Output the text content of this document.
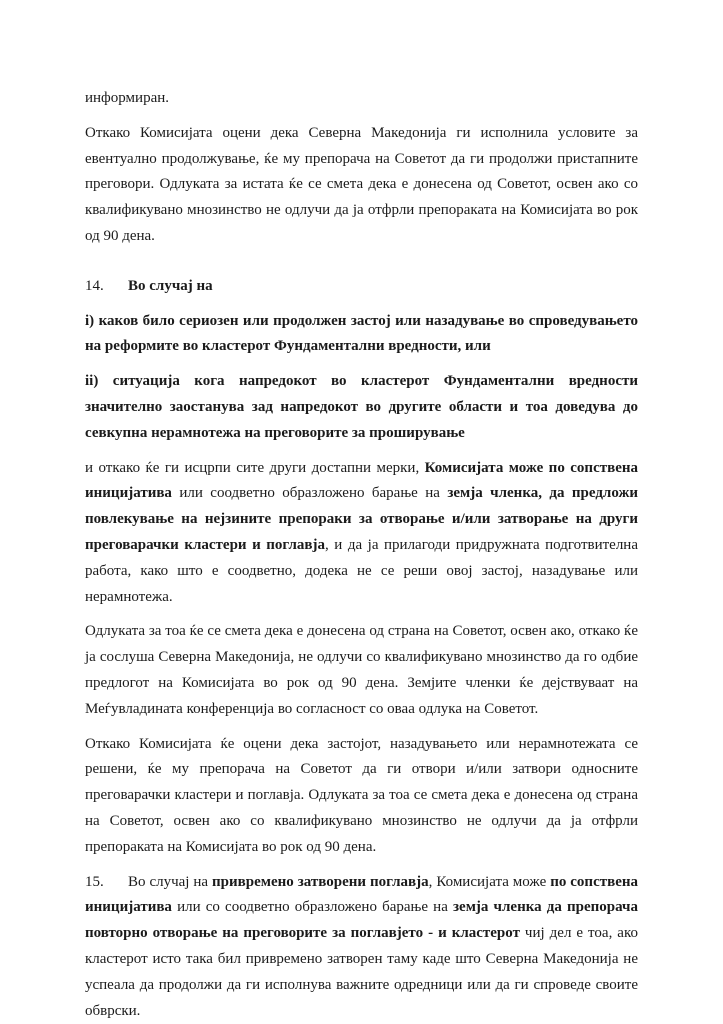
информиран.

Откако Комисијата оцени дека Северна Македонија ги исполнила условите за евентуално продолжување, ќе му препорача на Советот да ги продолжи пристапните преговори. Одлуката за истата ќе се смета дека е донесена од Советот, освен ако со квалификувано мнозинство не одлучи да ја отфрли препораката на Комисијата во рок од 90 дена.

14. Во случај на

i) каков било сериозен или продолжен застој или назадување во спроведувањето на реформите во кластерот Фундаментални вредности, или

ii) ситуација кога напредокот во кластерот Фундаментални вредности значително заостанува зад напредокот во другите области и тоа доведува до севкупна нерамнотежа на преговорите за проширување

и откако ќе ги исцрпи сите други достапни мерки, Комисијата може по сопствена иницијатива или соодветно образложено барање на земја членка, да предложи повлекување на нејзините препораки за отворање и/или затворање на други преговарачки кластери и поглавја, и да ја прилагоди придружната подготвителна работа, како што е соодветно, додека не се реши овој застој, назадување или нерамнотежа.

Одлуката за тоа ќе се смета дека е донесена од страна на Советот, освен ако, откако ќе ја сослуша Северна Македонија, не одлучи со квалификувано мнозинство да го одбие предлогот на Комисијата во рок од 90 дена. Земјите членки ќе дејствуваат на Меѓувладината конференција во согласност со оваа одлука на Советот.

Откако Комисијата ќе оцени дека застојот, назадувањето или нерамнотежата се решени, ќе му препорача на Советот да ги отвори и/или затвори односните преговарачки кластери и поглавја. Одлуката за тоа се смета дека е донесена од страна на Советот, освен ако со квалификувано мнозинство не одлучи да ја отфрли препораката на Комисијата во рок од 90 дена.

15. Во случај на привремено затворени поглавја, Комисијата може по сопствена иницијатива или со соодветно образложено барање на земја членка да препорача повторно отворање на преговорите за поглавјето - и кластерот чиј дел е тоа, ако кластерот исто така бил привремено затворен таму каде што Северна Македонија не успеала да продолжи да ги исполнува важните одредници или да ги спроведе своите обврски.
